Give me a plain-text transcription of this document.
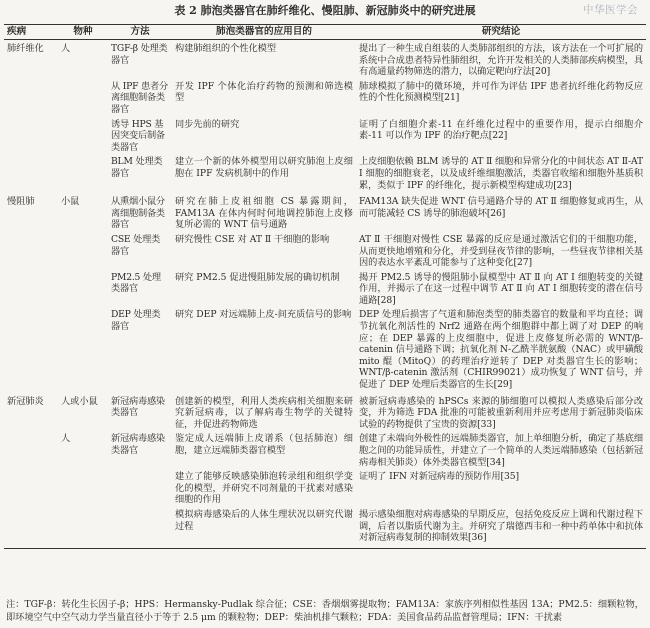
表 2 肺泡类器官在肺纤维化、慢阻肺、新冠肺炎中的研究进展	中华医学会
疾病	物种	方法	肺泡类器官的应用目的	研究结论
肺纤维化	人	TGF-β 处理类器官	构建肺组织的个性化模型	提出了一种生成自组装的人类肺部组织的方法，该方法在一个可扩展的系统中合成患者特异性肺组织，允许开发相关的人类肺部疾病模型，具有高通量药物筛选的潜力，以确定靶向疗法[20]
		从 IPF 患者分离细胞制备类器官	开发 IPF 个体化治疗药物的预测和筛选模型	肺球模拟了肺中的微环境，并可作为评估 IPF 患者抗纤维化药物反应性的个性化预测模型[21]
		诱导 HPS 基因突变后制备类器官	同步先前的研究	证明了白细胞介素-11 在纤维化过程中的重要作用，提示白细胞介素-11 可以作为 IPF 的治疗靶点[22]
		BLM 处理类器官	建立一个新的体外模型用以研究肺泡上皮细胞在 IPF 发病机制中的作用	上皮细胞依赖 BLM 诱导的 AT Ⅱ 细胞和异常分化的中间状态 AT Ⅱ-AT Ⅰ 细胞的细胞衰老，以及成纤维细胞激活，类器官收缩和细胞外基质积累，类似于 IPF 的纤维化，提示新模型构建成功[23]
慢阻肺	小鼠	从熏烟小鼠分离细胞制备类器官	研究在肺上皮祖细胞 CS 暴露期间，FAM13A 在体内何时何地调控肺泡上皮修复所必需的 WNT 信号通路	FAM13A 缺失促进 WNT 信号通路介导的 AT Ⅱ 细胞修复或再生，从而可能减轻 CS 诱导的肺泡破坏[26]
		CSE 处理类器官	研究慢性 CSE 对 AT Ⅱ 干细胞的影响	AT Ⅱ 干细胞对慢性 CSE 暴露的反应是通过激活它们的干细胞功能，从而更快地增殖和分化，并受到昼夜节律的影响，一些昼夜节律相关基因的表达水平紊乱可能参与了这种变化[27]
		PM2.5 处理类器官	研究 PM2.5 促进慢阻肺发展的确切机制	揭开 PM2.5 诱导的慢阻肺小鼠模型中 AT Ⅱ 向 AT Ⅰ 细胞转变的关键作用，并揭示了在这一过程中调节 AT Ⅱ 向 AT Ⅰ 细胞转变的潜在信号通路[28]
		DEP 处理类器官	研究 DEP 对远端肺上皮-间充质信号的影响	DEP 处理后损害了气道和肺泡类型的肺类器官的数量和平均直径；调节抗氧化剂活性的 Nrf2 通路在两个细胞群中都上调了对 DEP 的响应；在 DEP 暴露的上皮细胞中，促进上皮修复所必需的 WNT/β-catenin 信号通路下调；抗氧化剂 N-乙酰半胱氨酸（NAC）或甲磺酸 mito 醌（MitoQ）的药理治疗逆转了 DEP 对类器官生长的影响；WNT/β-catenin 激活剂（CHIR99021）成功恢复了 WNT 信号，并促进了 DEP 处理后类器官的生长[29]
新冠肺炎	人或小鼠	新冠病毒感染类器官	创建新的模型，利用人类疾病相关细胞来研究新冠病毒，以了解病毒生物学的关键特征，并促进药物筛选	被新冠病毒感染的 hPSCs 来源的肺细胞可以模拟人类感染后部分改变，并为筛选 FDA 批准的可能被重新利用并应考虑用于新冠肺炎临床试验的药物提供了宝贵的资源[33]
	人	新冠病毒感染类器官	鉴定成人远端肺上皮谱系（包括肺泡）细胞，建立远端肺类器官模型	创建了未端向外极性的远端肺类器官，加上单细胞分析，确定了基底细胞之间的功能异质性，并建立了一个简单的人类远端肺感染（包括新冠病毒相关肺炎）体外类器官模型[34]
			建立了能够反映感染肺泡转录组和组织学变化的模型，并研究不同剂量的干扰素对感染细胞的作用	证明了 IFN 对新冠病毒的预防作用[35]
			模拟病毒感染后的人体生理状况以研究代谢过程	揭示感染细胞对病毒感染的早期反应，包括免疫反应上调和代谢过程下调，后者以脂质代谢为主。并研究了瑞德西韦和一种中药单体中和抗体对新冠病毒复制的抑制效果[36]
注：TGF-β：转化生长因子-β；HPS：Hermansky-Pudlak 综合征；CSE：香烟烟雾提取物；FAM13A：家族序列相似性基因 13A；PM2.5：细颗粒物，即环境空气中空气动力学当量直径小于等于 2.5 μm 的颗粒物；DEP：柴油机排气颗粒；FDA：美国食品药品监督管理局；IFN：干扰素
